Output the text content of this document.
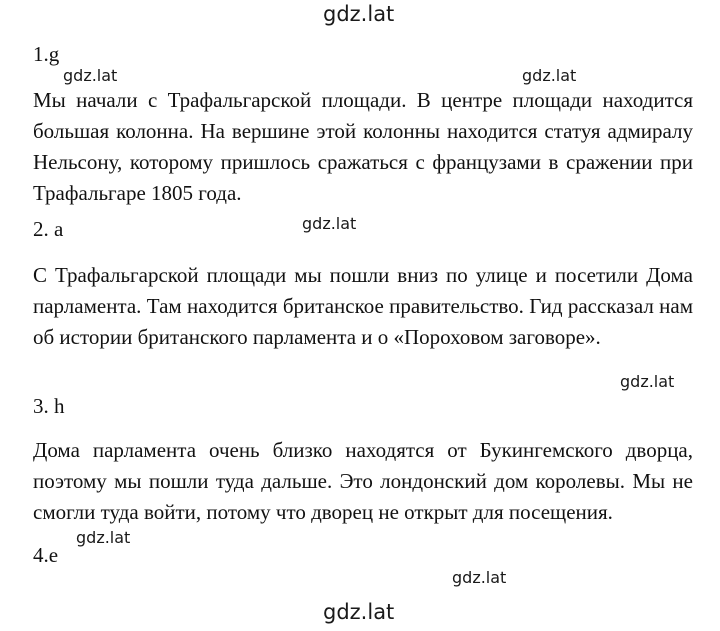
gdz.lat
gdz.lat	gdz.lat
gdz.lat
gdz.lat
gdz.lat
gdz.lat
gdz.lat
1.g
Мы начали с Трафальгарской площади. В центре площади находится большая колонна. На вершине этой колонны находится статуя адмиралу Нельсону, которому пришлось сражаться с французами в сражении при Трафальгаре 1805 года.
2. a
С Трафальгарской площади мы пошли вниз по улице и посетили Дома парламента. Там находится британское правительство. Гид рассказал нам об истории британского парламента и о «Пороховом заговоре».
3. h
Дома парламента очень близко находятся от Букингемского дворца, поэтому мы пошли туда дальше. Это лондонский дом королевы. Мы не смогли туда войти, потому что дворец не открыт для посещения.
4.e
